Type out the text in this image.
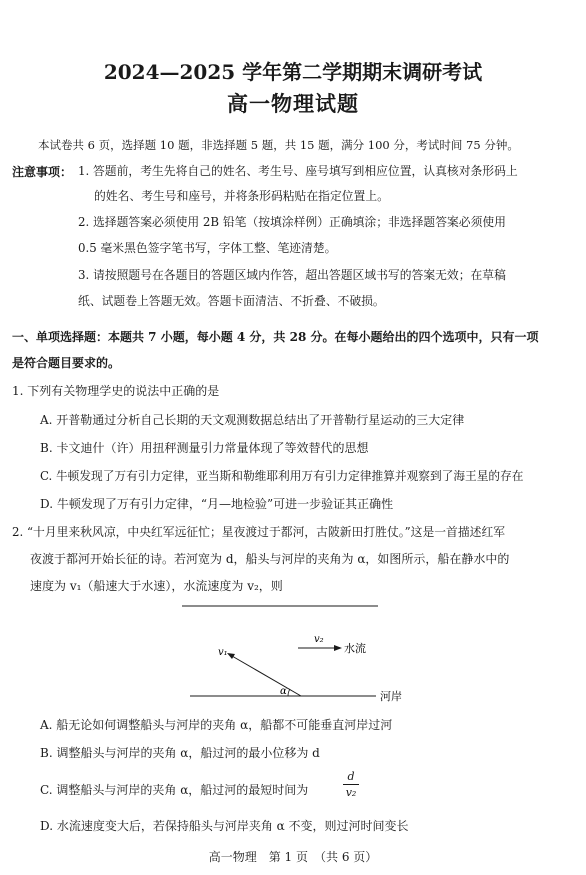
2024—2025 学年第二学期期末调研考试
高一物理试题
本试卷共 6 页，选择题 10 题，非选择题 5 题，共 15 题，满分 100 分，考试时间 75 分钟。
注意事项： 1. 答题前，考生先将自己的姓名、考生号、座号填写到相应位置，认真核对条形码上
的姓名、考生号和座号，并将条形码粘贴在指定位置上。
2. 选择题答案必须使用 2B 铅笔（按填涂样例）正确填涂；非选择题答案必须使用
0.5 毫米黑色签字笔书写，字体工整、笔迹清楚。
3. 请按照题号在各题目的答题区域内作答，超出答题区域书写的答案无效；在草稿
纸、试题卷上答题无效。答题卡面清洁、不折叠、不破损。
一、单项选择题：本题共 7 小题，每小题 4 分，共 28 分。在每小题给出的四个选项中，只有一项
是符合题目要求的。
1. 下列有关物理学史的说法中正确的是
A. 开普勒通过分析自己长期的天文观测数据总结出了开普勒行星运动的三大定律
B. 卡文迪什（许）用扭秤测量引力常量体现了等效替代的思想
C. 牛顿发现了万有引力定律，亚当斯和勒维耶利用万有引力定律推算并观察到了海王星的存在
D. 牛顿发现了万有引力定律，“月—地检验”可进一步验证其正确性
2. “十月里来秋风凉，中央红军远征忙；星夜渡过于都河，古陂新田打胜仗。”这是一首描述红军
夜渡于都河开始长征的诗。若河宽为 d，船头与河岸的夹角为 α，如图所示，船在静水中的
速度为 v₁（船速大于水速），水流速度为 v₂，则
v₂
水流
v₁
α	河岸
A. 船无论如何调整船头与河岸的夹角 α，船都不可能垂直河岸过河
B. 调整船头与河岸的夹角 α，船过河的最小位移为 d
C. 调整船头与河岸的夹角 α，船过河的最短时间为
d
v₂
D. 水流速度变大后，若保持船头与河岸夹角 α 不变，则过河时间变长
高一物理　第 1 页　（共 6 页）
